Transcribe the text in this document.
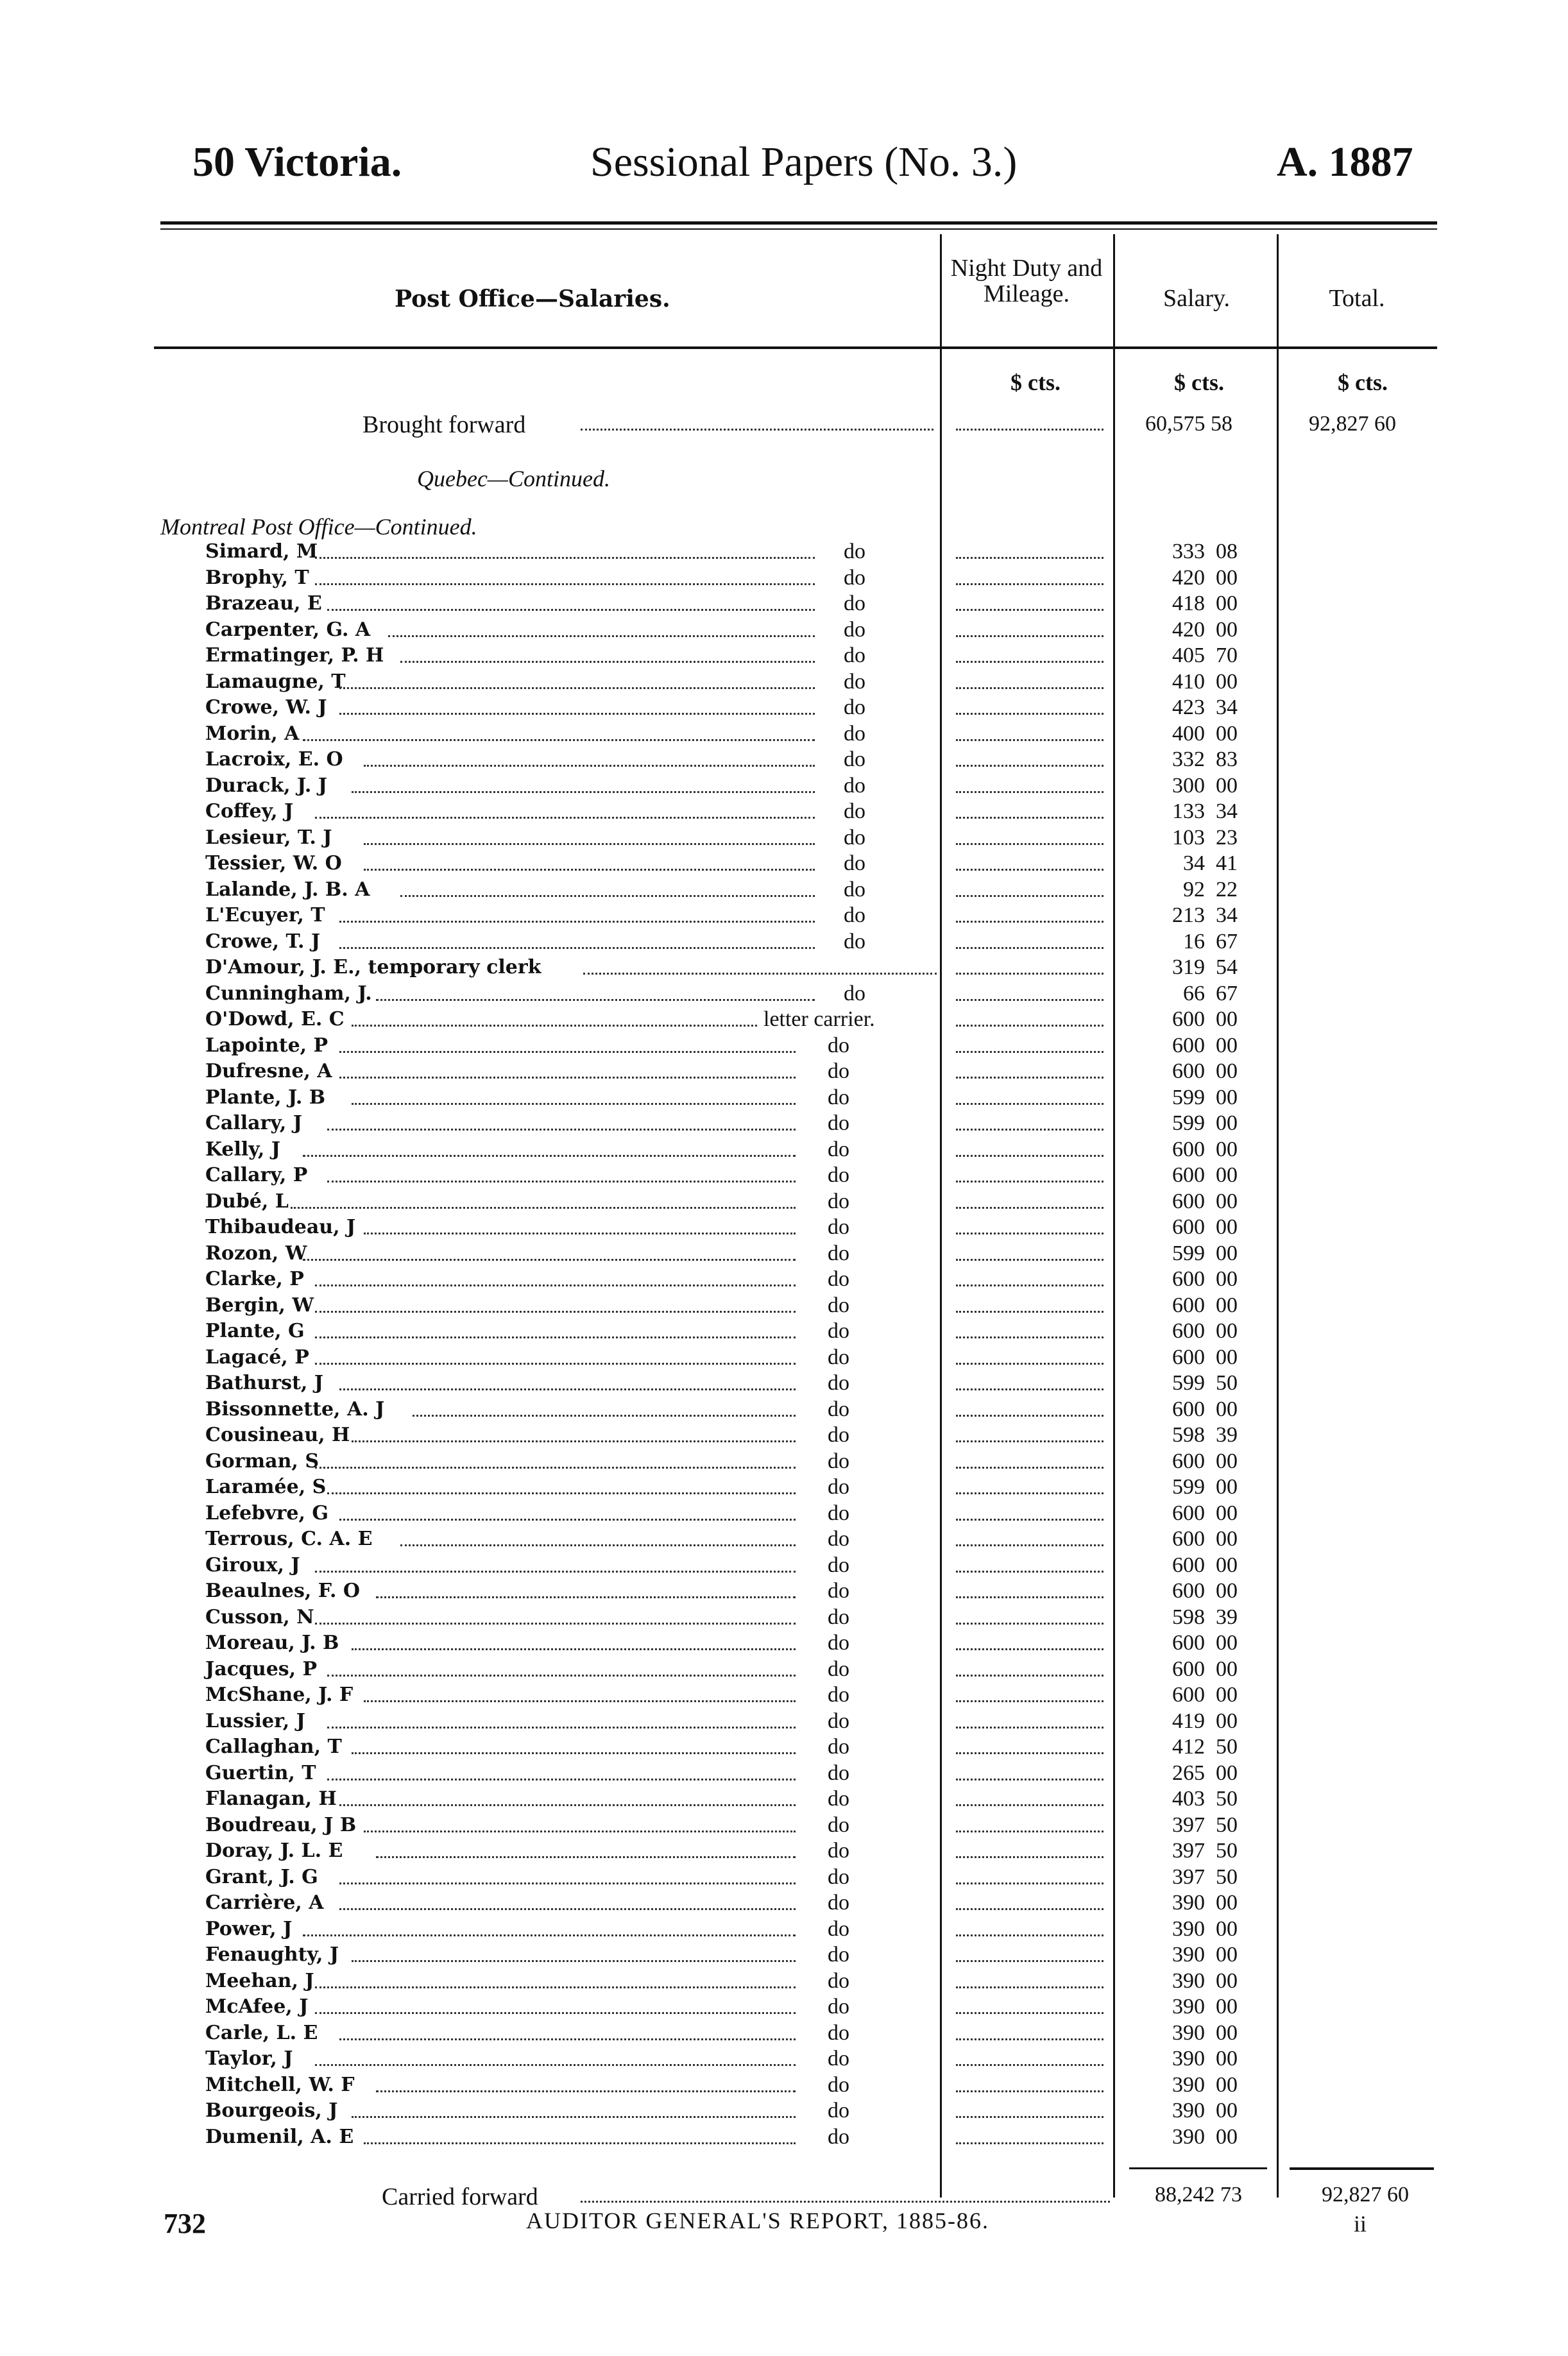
50 Victoria.	Sessional Papers (No. 3.)	A. 1887
Post Office—Salaries.
Night Duty and Mileage.	Salary.	Total.
$ cts.	$ cts.	$ cts.
Brought forward	60,575 58	92,827 60
Quebec—Continued.
Montreal Post Office—Continued.
Simard, M	do	333 08
Brophy, T	do	420 00
Brazeau, E	do	418 00
Carpenter, G. A	do	420 00
Ermatinger, P. H	do	405 70
Lamaugne, T	do	410 00
Crowe, W. J	do	423 34
Morin, A	do	400 00
Lacroix, E. O	do	332 83
Durack, J. J	do	300 00
Coffey, J	do	133 34
Lesieur, T. J	do	103 23
Tessier, W. O	do	34 41
Lalande, J. B. A	do	92 22
L'Ecuyer, T	do	213 34
Crowe, T. J	do	16 67
D'Amour, J. E., temporary clerk	319 54
Cunningham, J.	do	66 67
O'Dowd, E. C	letter carrier.	600 00
Lapointe, P	do	600 00
Dufresne, A	do	600 00
Plante, J. B	do	599 00
Callary, J	do	599 00
Kelly, J	do	600 00
Callary, P	do	600 00
Dubé, L	do	600 00
Thibaudeau, J	do	600 00
Rozon, W	do	599 00
Clarke, P	do	600 00
Bergin, W	do	600 00
Plante, G	do	600 00
Lagacé, P	do	600 00
Bathurst, J	do	599 50
Bissonnette, A. J	do	600 00
Cousineau, H	do	598 39
Gorman, S	do	600 00
Laramée, S	do	599 00
Lefebvre, G	do	600 00
Terrous, C. A. E	do	600 00
Giroux, J	do	600 00
Beaulnes, F. O	do	600 00
Cusson, N	do	598 39
Moreau, J. B	do	600 00
Jacques, P	do	600 00
McShane, J. F	do	600 00
Lussier, J	do	419 00
Callaghan, T	do	412 50
Guertin, T	do	265 00
Flanagan, H	do	403 50
Boudreau, J B	do	397 50
Doray, J. L. E	do	397 50
Grant, J. G	do	397 50
Carrière, A	do	390 00
Power, J	do	390 00
Fenaughty, J	do	390 00
Meehan, J	do	390 00
McAfee, J	do	390 00
Carle, L. E	do	390 00
Taylor, J	do	390 00
Mitchell, W. F	do	390 00
Bourgeois, J	do	390 00
Dumenil, A. E	do	390 00
Carried forward	88,242 73	92,827 60
732	AUDITOR GENERAL'S REPORT, 1885-86.	ii
